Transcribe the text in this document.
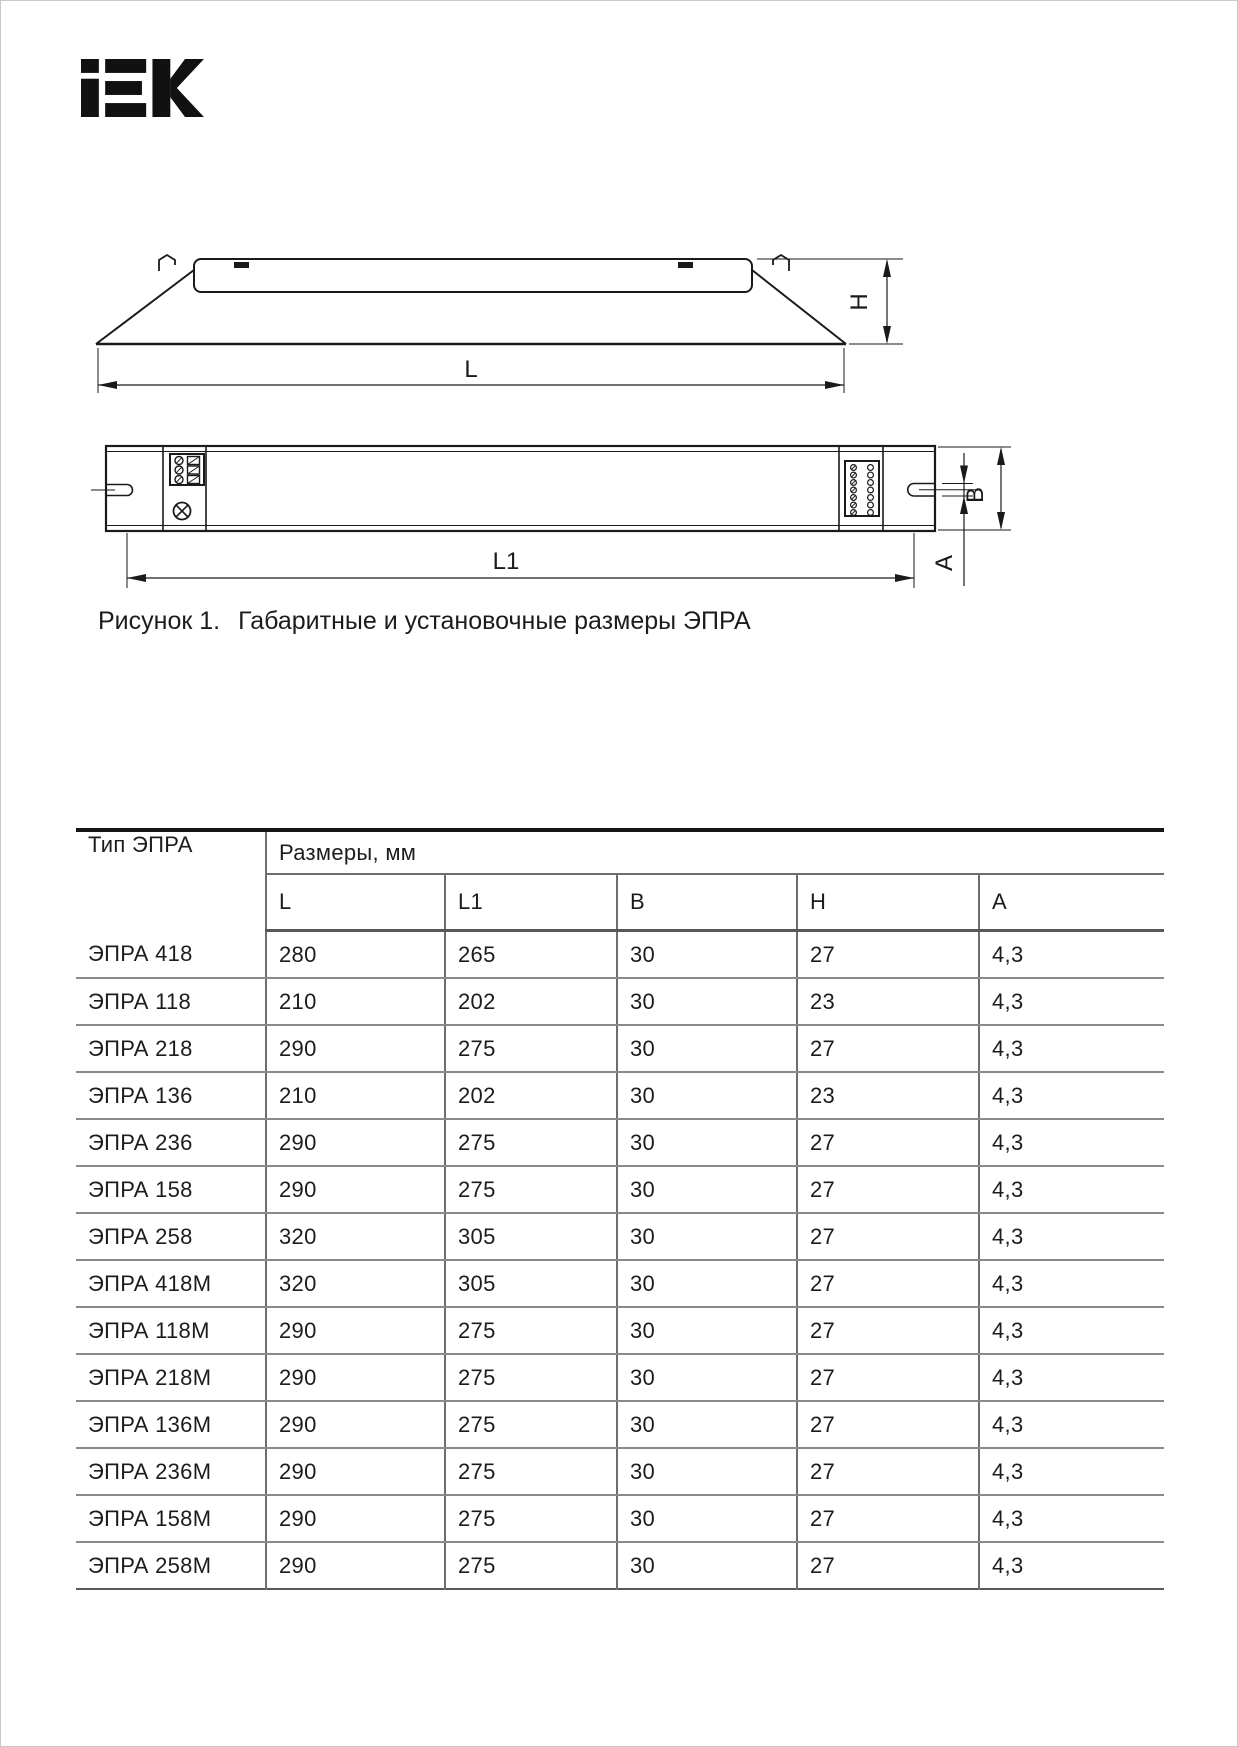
H
L
B
A
L1
Рисунок 1. Габаритные и установочные размеры ЭПРА
Тип ЭПРА	Размеры, мм				
	L	L1	B	H	A
ЭПРА 418	280	265	30	27	4,3
ЭПРА 118	210	202	30	23	4,3
ЭПРА 218	290	275	30	27	4,3
ЭПРА 136	210	202	30	23	4,3
ЭПРА 236	290	275	30	27	4,3
ЭПРА 158	290	275	30	27	4,3
ЭПРА 258	320	305	30	27	4,3
ЭПРА 418М	320	305	30	27	4,3
ЭПРА 118М	290	275	30	27	4,3
ЭПРА 218М	290	275	30	27	4,3
ЭПРА 136М	290	275	30	27	4,3
ЭПРА 236М	290	275	30	27	4,3
ЭПРА 158М	290	275	30	27	4,3
ЭПРА 258М	290	275	30	27	4,3
